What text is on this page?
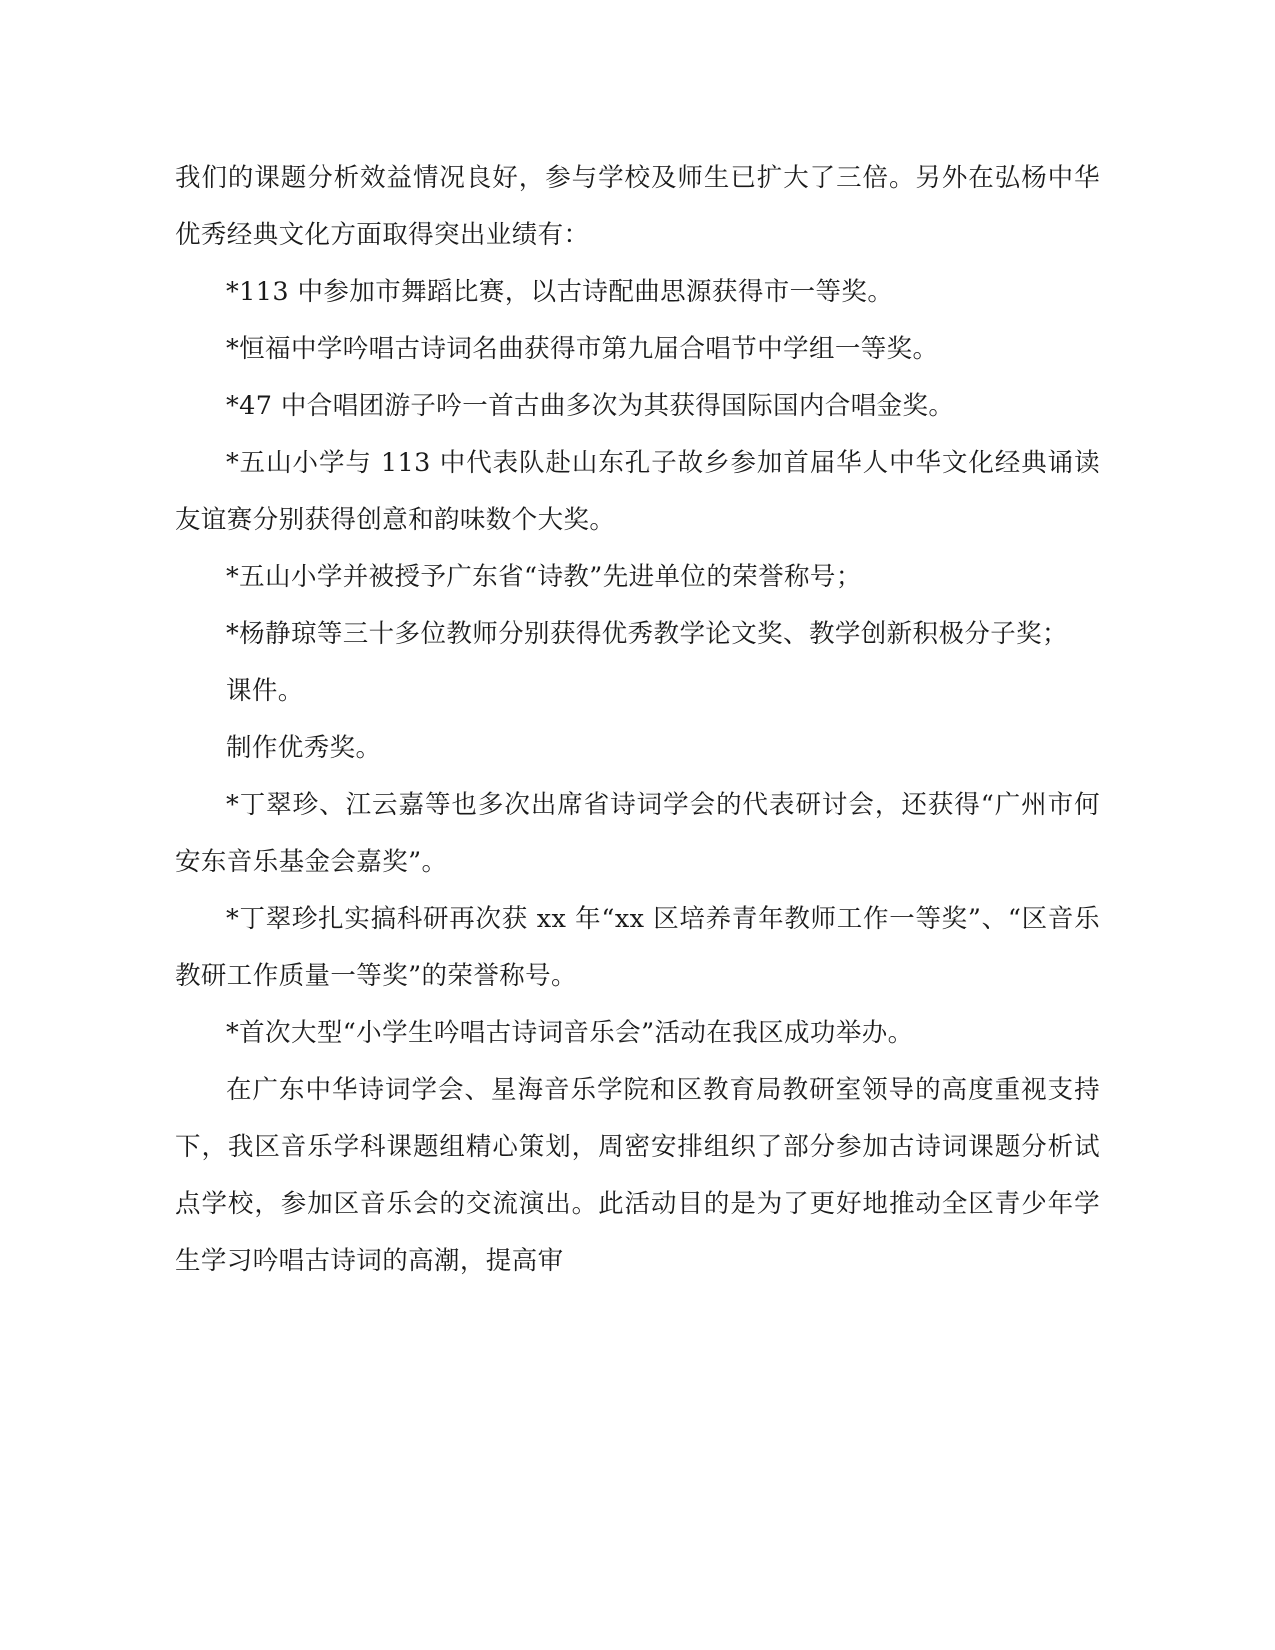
我们的课题分析效益情况良好，参与学校及师生已扩大了三倍。另外在弘杨中华优秀经典文化方面取得突出业绩有：

*113 中参加市舞蹈比赛，以古诗配曲思源获得市一等奖。

*恒福中学吟唱古诗词名曲获得市第九届合唱节中学组一等奖。

*47 中合唱团游子吟一首古曲多次为其获得国际国内合唱金奖。

*五山小学与 113 中代表队赴山东孔子故乡参加首届华人中华文化经典诵读友谊赛分别获得创意和韵味数个大奖。

*五山小学并被授予广东省“诗教”先进单位的荣誉称号；

*杨静琼等三十多位教师分别获得优秀教学论文奖、教学创新积极分子奖；

课件。

制作优秀奖。

*丁翠珍、江云嘉等也多次出席省诗词学会的代表研讨会，还获得“广州市何安东音乐基金会嘉奖”。

*丁翠珍扎实搞科研再次获 xx 年“xx 区培养青年教师工作一等奖”、“区音乐教研工作质量一等奖”的荣誉称号。

*首次大型“小学生吟唱古诗词音乐会”活动在我区成功举办。

在广东中华诗词学会、星海音乐学院和区教育局教研室领导的高度重视支持下，我区音乐学科课题组精心策划，周密安排组织了部分参加古诗词课题分析试点学校，参加区音乐会的交流演出。此活动目的是为了更好地推动全区青少年学生学习吟唱古诗词的高潮，提高审
